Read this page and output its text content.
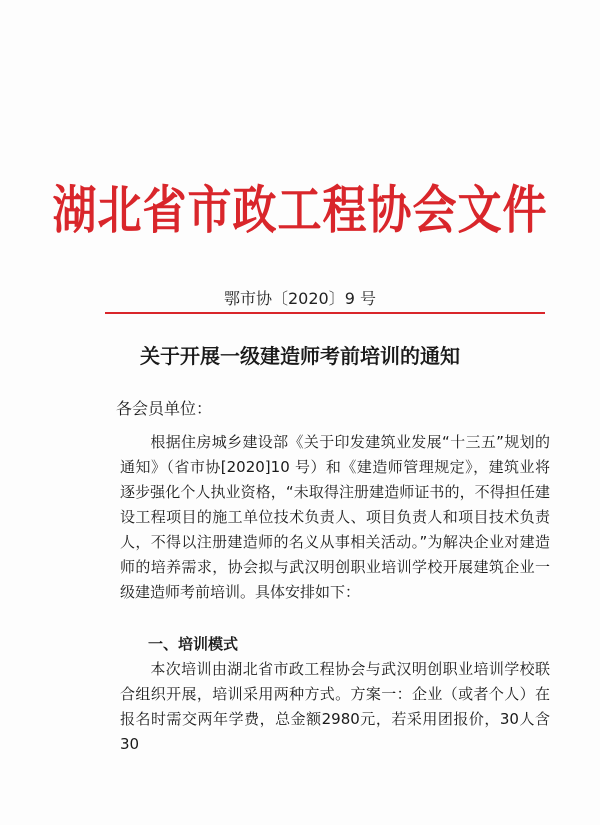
湖北省市政工程协会文件
鄂市协〔2020〕9 号
关于开展一级建造师考前培训的通知
各会员单位：
根据住房城乡建设部《关于印发建筑业发展“十三五”规划的通知》（省市协[2020]10 号）和《建造师管理规定》，建筑业将逐步强化个人执业资格，“未取得注册建造师证书的，不得担任建设工程项目的施工单位技术负责人、项目负责人和项目技术负责人，不得以注册建造师的名义从事相关活动。”为解决企业对建造师的培养需求，协会拟与武汉明创职业培训学校开展建筑企业一级建造师考前培训。具体安排如下：
一、培训模式
本次培训由湖北省市政工程协会与武汉明创职业培训学校联合组织开展，培训采用两种方式。方案一：企业（或者个人）在报名时需交两年学费，总金额2980元，若采用团报价，30人含30
